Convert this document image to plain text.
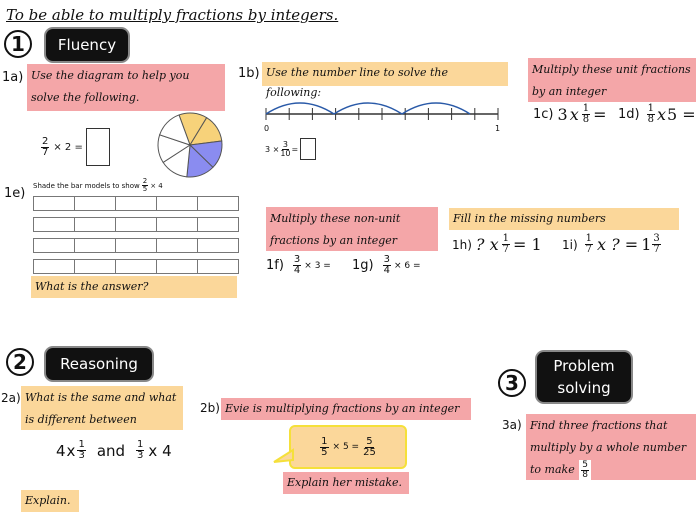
To be able to multiply fractions by integers.
1	Fluency
1a) Use the diagram to help you solve the following.
$\frac{2}{7} \times 2$ =
1b) Use the number line to solve the following:
0	1
$3 \times \frac{3}{10}$ =
Multiply these unit fractions by an integer
1c) 3 x $\frac{1}{8} = 1d) \frac{1}{8}$ x 5 =
1e)
Shade the bar models to show $\frac{2}{5} \times 4$
What is the answer?
Multiply these non-unit fractions by an integer
$1f) \frac{3}{4} \times 3 = 1g) \frac{3}{4} \times 6$ =
Fill in the missing numbers
1h) ? x $\frac{1}{7} = 1$ $1i) \frac{1}{7}$ x ? = $1 \frac{3}{7}$
2	Reasoning
2a) What is the same and what is different between
4 x $\frac{1}{3}$ and $\frac{1}{3}$ x 4
Explain.
2b) Evie is multiplying fractions by an integer
$\frac{1}{5} \times 5 = \frac{5}{25}$
Explain her mistake.
3
Problem solving
3a) Find three fractions that multiply by a whole number to make $\frac{5}{8}$
